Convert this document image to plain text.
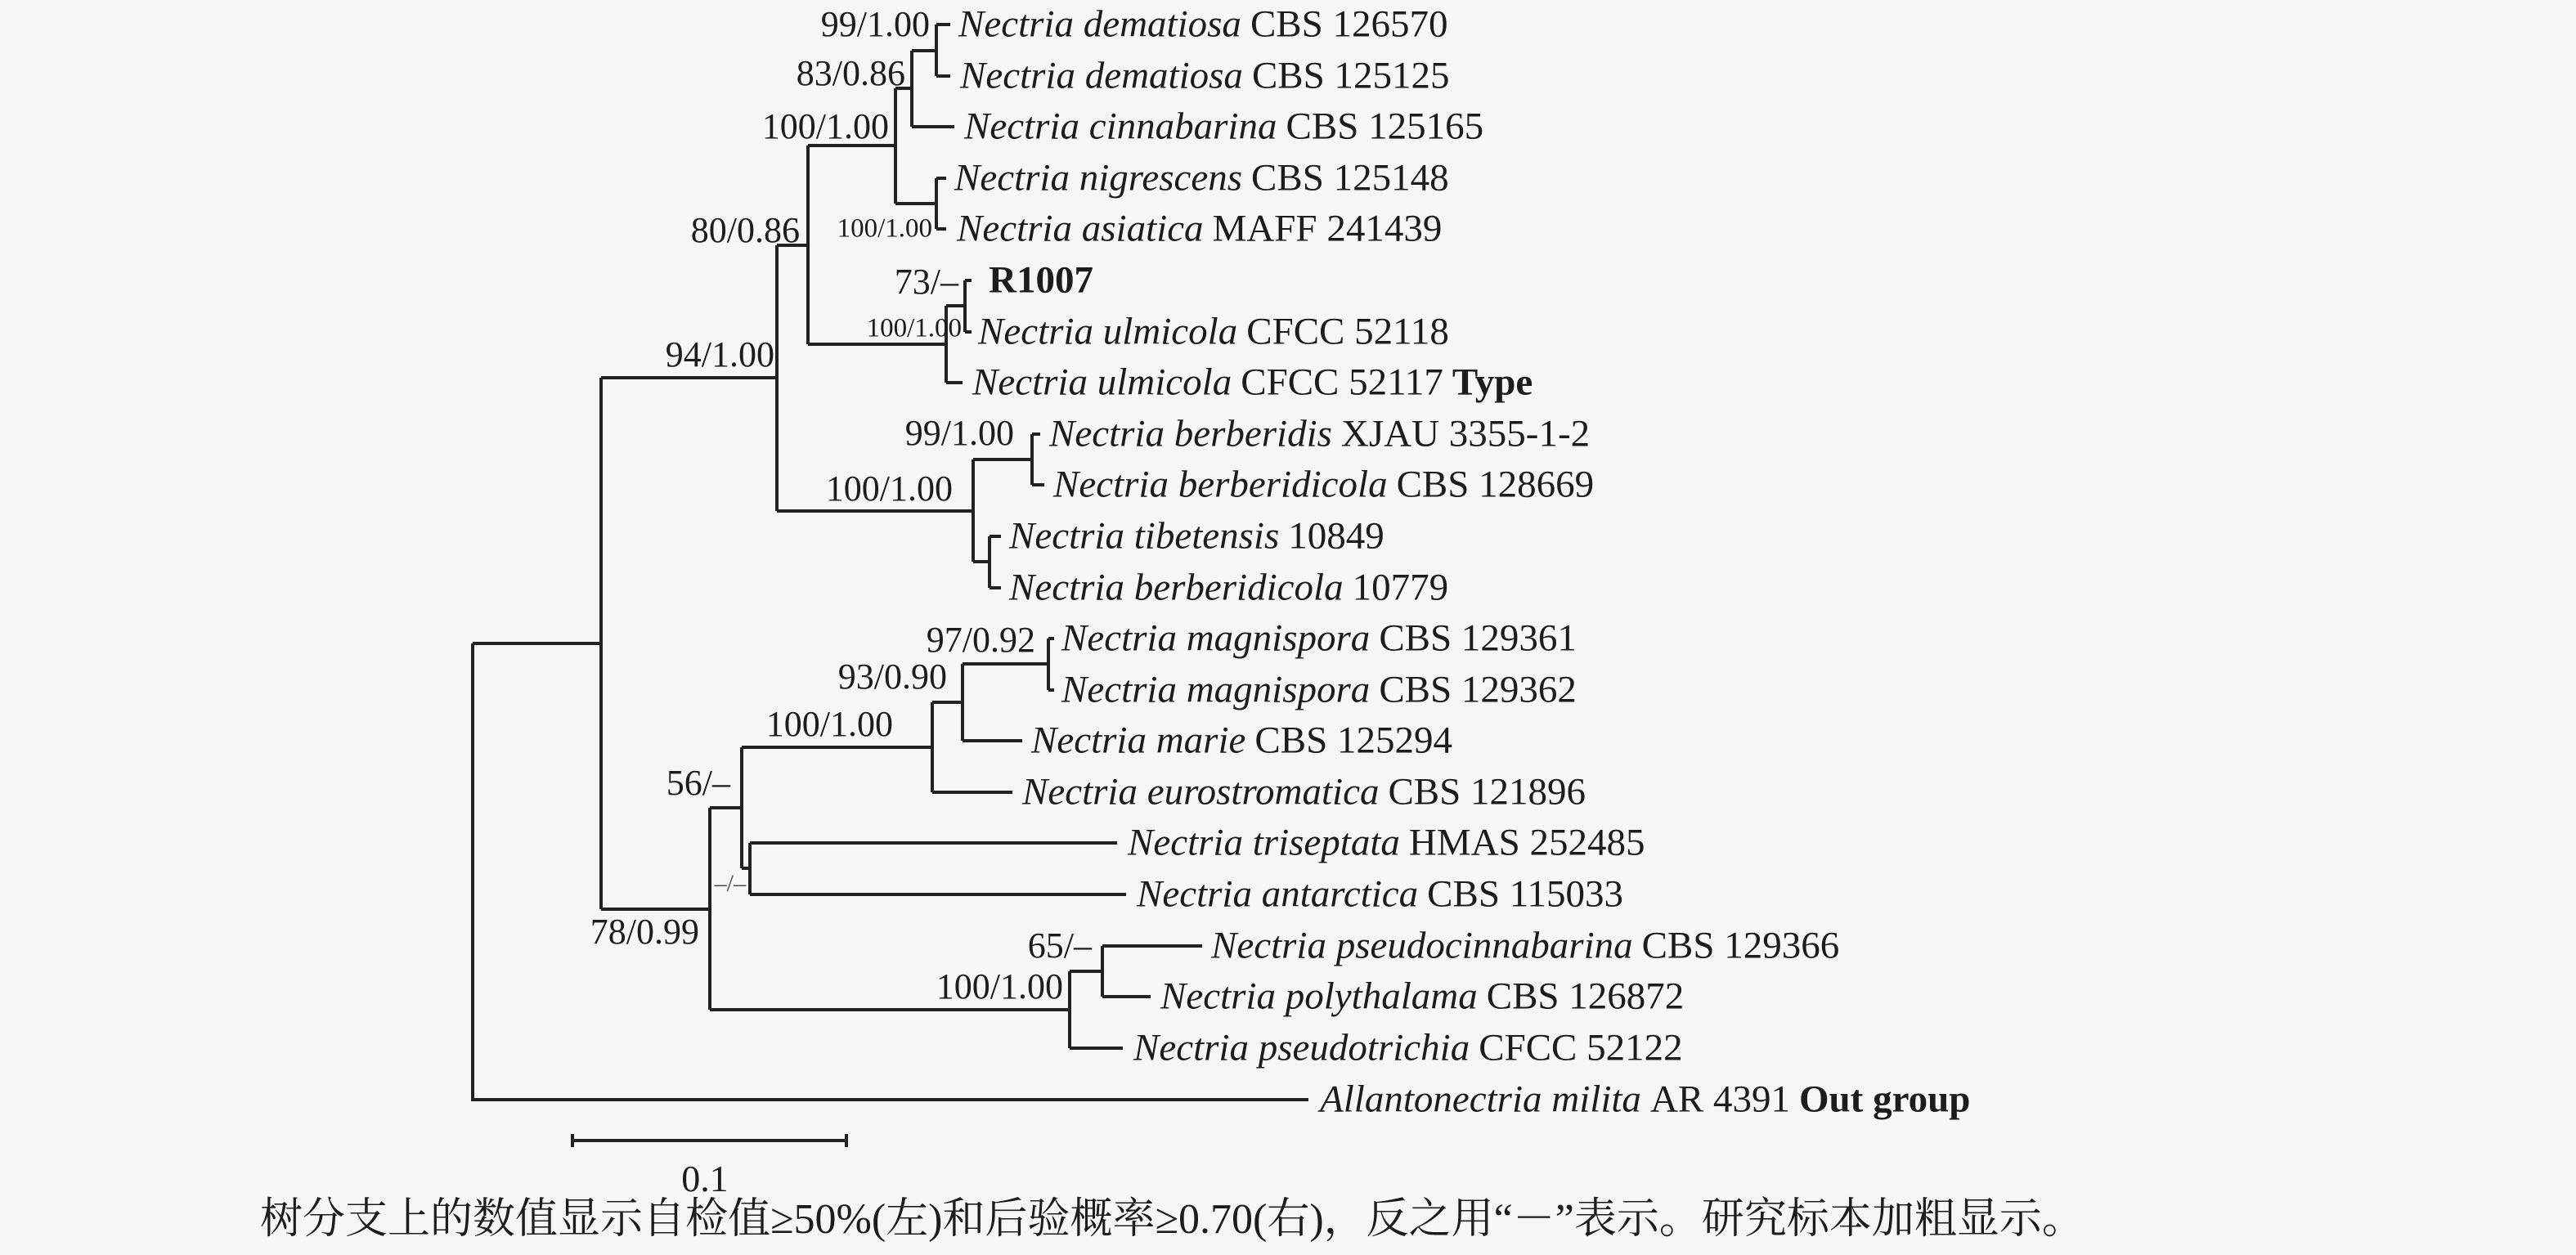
Nectria dematiosa CBS 126570
Nectria dematiosa CBS 125125
Nectria cinnabarina CBS 125165
Nectria nigrescens CBS 125148
Nectria asiatica MAFF 241439
R1007
Nectria ulmicola CFCC 52118
Nectria ulmicola CFCC 52117 Type
Nectria berberidis XJAU 3355-1-2
Nectria berberidicola CBS 128669
Nectria tibetensis 10849
Nectria berberidicola 10779
Nectria magnispora CBS 129361
Nectria magnispora CBS 129362
Nectria marie CBS 125294
Nectria eurostromatica CBS 121896
Nectria triseptata HMAS 252485
Nectria antarctica CBS 115033
Nectria pseudocinnabarina CBS 129366
Nectria polythalama CBS 126872
Nectria pseudotrichia CFCC 52122
Allantonectria milita AR 4391 Out group
99/1.00
83/0.86
100/1.00
100/1.00
80/0.86
73/–
100/1.00
94/1.00
99/1.00
100/1.00
97/0.92
93/0.90
100/1.00
56/–
–/–
78/0.99	65/–
100/1.00
0.1
树分支上的数值显示自检值≥50%(左)和后验概率≥0.70(右)，反之用“－”表示。研究标本加粗显示。
